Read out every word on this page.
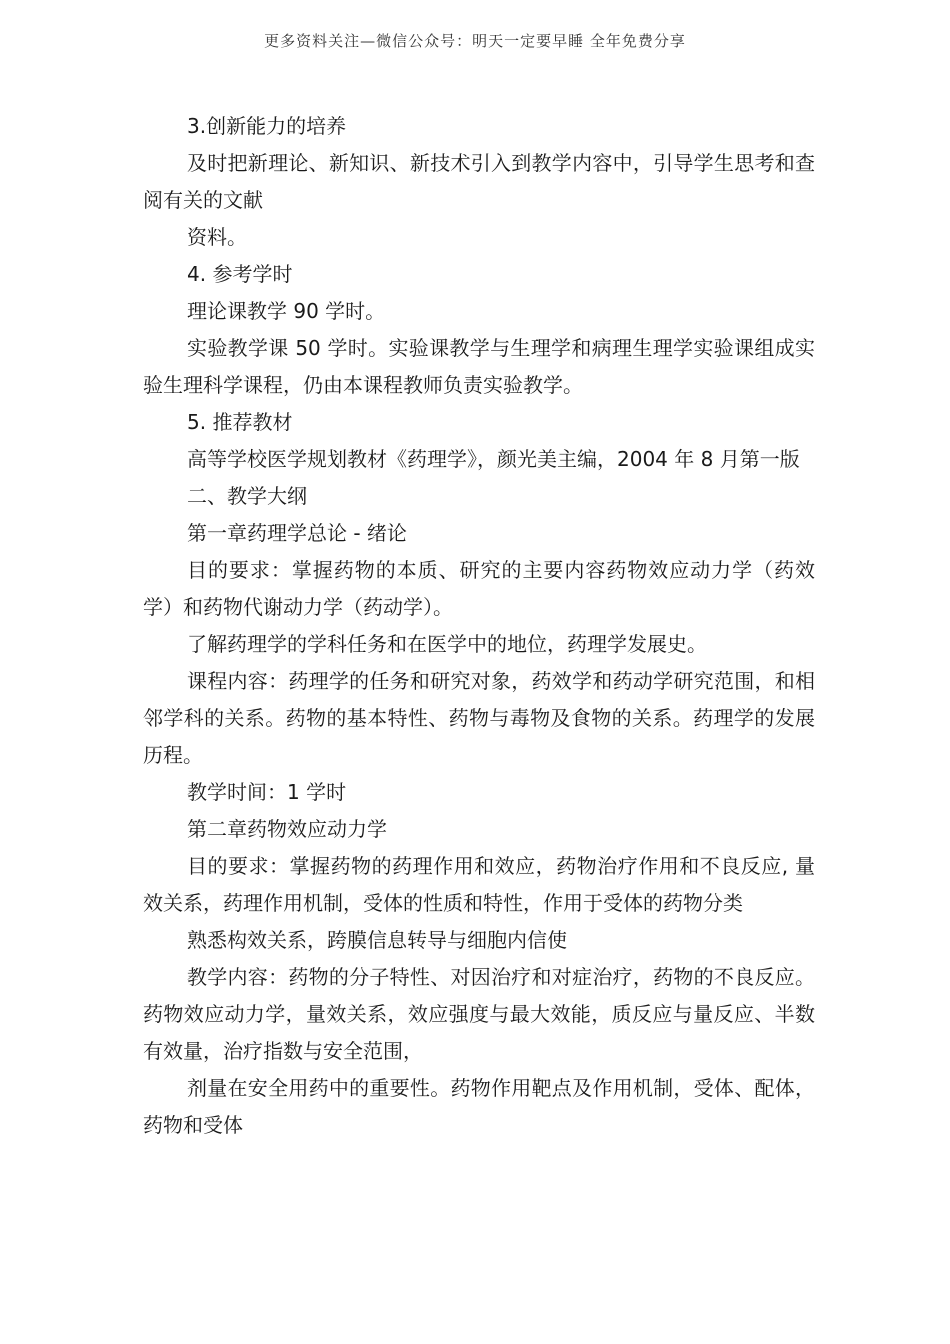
更多资料关注—微信公众号：明天一定要早睡 全年免费分享

3.创新能力的培养

及时把新理论、新知识、新技术引入到教学内容中，引导学生思考和查阅有关的文献

资料。

4. 参考学时

理论课教学 90 学时。

实验教学课 50 学时。实验课教学与生理学和病理生理学实验课组成实验生理科学课程，仍由本课程教师负责实验教学。

5. 推荐教材

高等学校医学规划教材《药理学》，颜光美主编，2004 年 8 月第一版

二、教学大纲

第一章药理学总论 - 绪论

目的要求：掌握药物的本质、研究的主要内容药物效应动力学（药效学）和药物代谢动力学（药动学）。

了解药理学的学科任务和在医学中的地位，药理学发展史。

课程内容：药理学的任务和研究对象，药效学和药动学研究范围，和相邻学科的关系。药物的基本特性、药物与毒物及食物的关系。药理学的发展历程。

教学时间：1 学时

第二章药物效应动力学

目的要求：掌握药物的药理作用和效应，药物治疗作用和不良反应, 量效关系，药理作用机制，受体的性质和特性，作用于受体的药物分类

熟悉构效关系，跨膜信息转导与细胞内信使

教学内容：药物的分子特性、对因治疗和对症治疗，药物的不良反应。药物效应动力学，量效关系，效应强度与最大效能，质反应与量反应、半数有效量，治疗指数与安全范围，

剂量在安全用药中的重要性。药物作用靶点及作用机制，受体、配体，药物和受体
